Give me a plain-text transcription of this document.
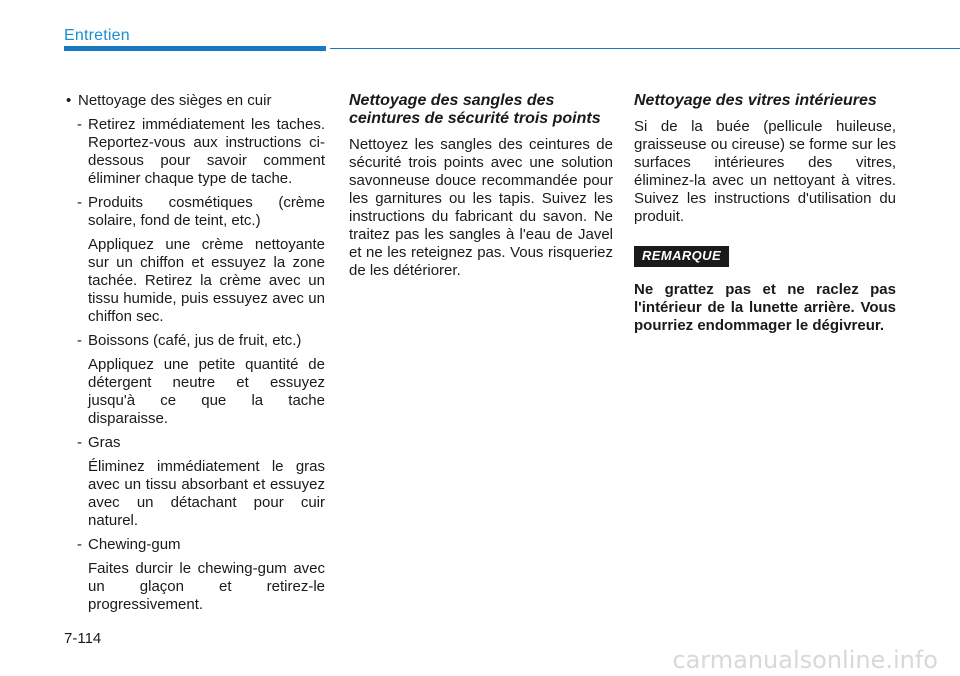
Entretien
• Nettoyage des sièges en cuir
- Retirez immédiatement les taches. Reportez-vous aux instructions ci-dessous pour savoir comment éliminer chaque type de tache.
- Produits cosmétiques (crème solaire, fond de teint, etc.)

Appliquez une crème nettoyante sur un chiffon et essuyez la zone tachée. Retirez la crème avec un tissu humide, puis essuyez avec un chiffon sec.

- Boissons (café, jus de fruit, etc.)

Appliquez une petite quantité de détergent neutre et essuyez jusqu'à ce que la tache disparaisse.

- Gras

Éliminez immédiatement le gras avec un tissu absorbant et essuyez avec un détachant pour cuir naturel.

- Chewing-gum

Faites durcir le chewing-gum avec un glaçon et retirez-le progressivement.

Nettoyage des sangles des ceintures de sécurité trois points

Nettoyez les sangles des ceintures de sécurité trois points avec une solution savonneuse douce recommandée pour les garnitures ou les tapis. Suivez les instructions du fabricant du savon. Ne traitez pas les sangles à l'eau de Javel et ne les reteignez pas. Vous risqueriez de les détériorer.

Nettoyage des vitres intérieures

Si de la buée (pellicule huileuse, graisseuse ou cireuse) se forme sur les surfaces intérieures des vitres, éliminez-la avec un nettoyant à vitres. Suivez les instructions d'utilisation du produit.

REMARQUE

Ne grattez pas et ne raclez pas l'intérieur de la lunette arrière. Vous pourriez endommager le dégivreur.

7-114
carmanualsonline.info
